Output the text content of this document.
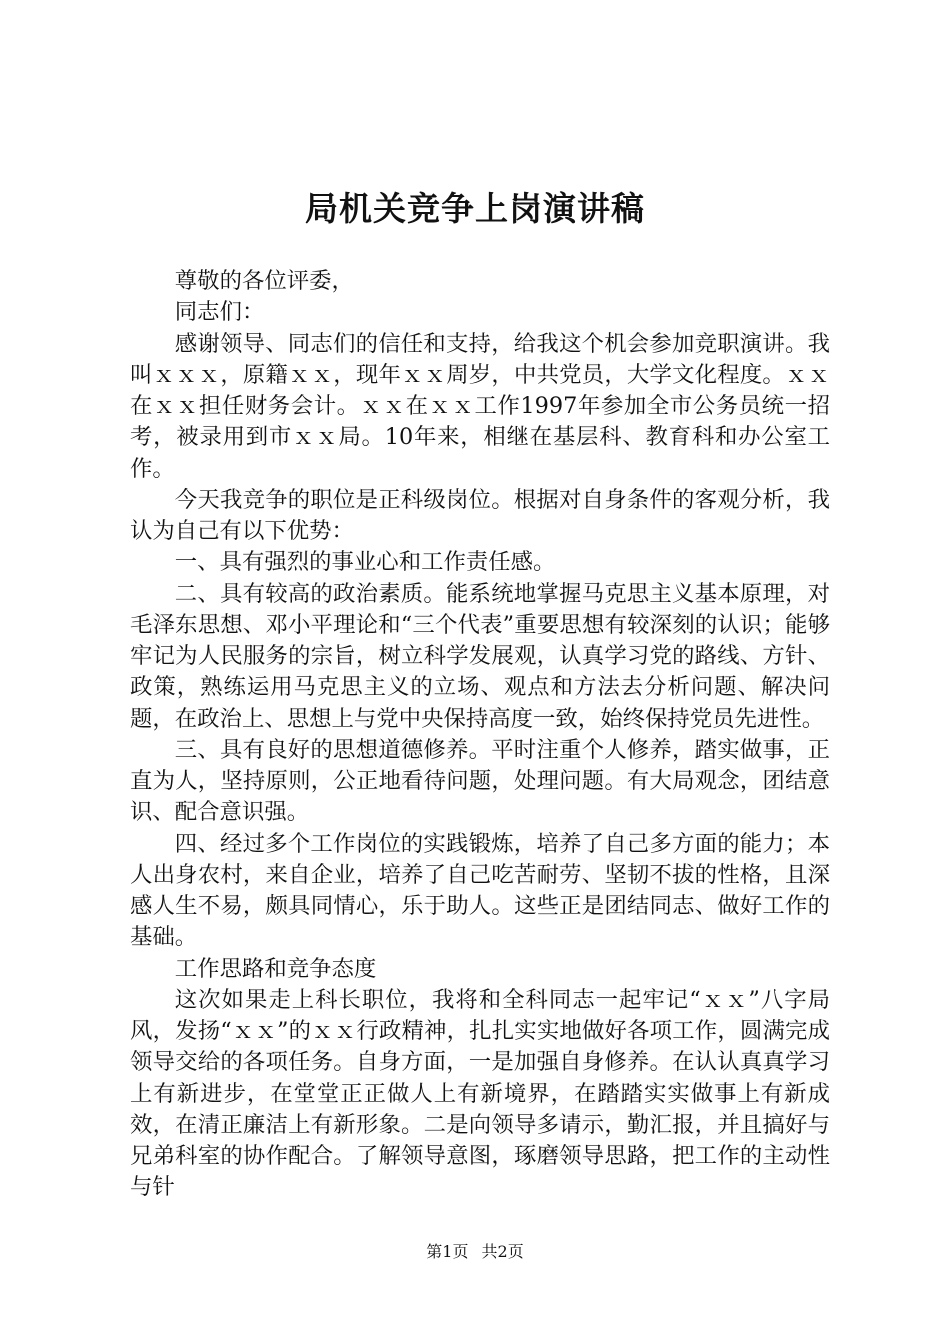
局机关竞争上岗演讲稿

尊敬的各位评委，

同志们：

感谢领导、同志们的信任和支持，给我这个机会参加竞职演讲。我叫ｘｘｘ，原籍ｘｘ，现年ｘｘ周岁，中共党员，大学文化程度。ｘｘ在ｘｘ担任财务会计。ｘｘ在ｘｘ工作1997年参加全市公务员统一招考，被录用到市ｘｘ局。10年来，相继在基层科、教育科和办公室工作。

今天我竞争的职位是正科级岗位。根据对自身条件的客观分析，我认为自己有以下优势：

一、具有强烈的事业心和工作责任感。

二、具有较高的政治素质。能系统地掌握马克思主义基本原理，对毛泽东思想、邓小平理论和“三个代表”重要思想有较深刻的认识；能够牢记为人民服务的宗旨，树立科学发展观，认真学习党的路线、方针、政策，熟练运用马克思主义的立场、观点和方法去分析问题、解决问题，在政治上、思想上与党中央保持高度一致，始终保持党员先进性。

三、具有良好的思想道德修养。平时注重个人修养，踏实做事，正直为人，坚持原则，公正地看待问题，处理问题。有大局观念，团结意识、配合意识强。

四、经过多个工作岗位的实践锻炼，培养了自己多方面的能力；本人出身农村，来自企业，培养了自己吃苦耐劳、坚韧不拔的性格，且深感人生不易，颇具同情心，乐于助人。这些正是团结同志、做好工作的基础。

工作思路和竞争态度

这次如果走上科长职位，我将和全科同志一起牢记“ｘｘ”八字局风，发扬“ｘｘ”的ｘｘ行政精神，扎扎实实地做好各项工作，圆满完成领导交给的各项任务。自身方面，一是加强自身修养。在认认真真学习上有新进步，在堂堂正正做人上有新境界，在踏踏实实做事上有新成效，在清正廉洁上有新形象。二是向领导多请示，勤汇报，并且搞好与兄弟科室的协作配合。了解领导意图，琢磨领导思路，把工作的主动性与针

第1页 共2页
